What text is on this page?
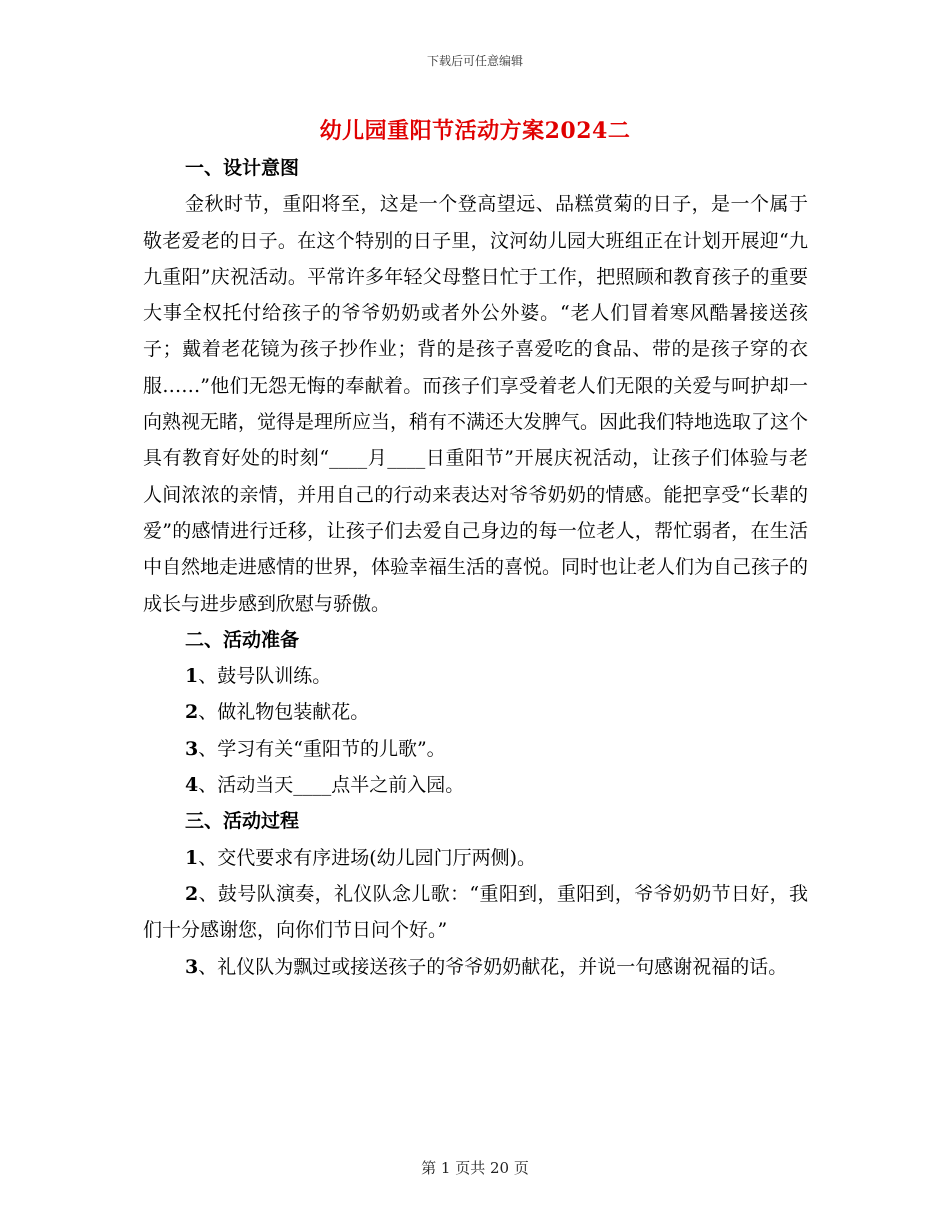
下载后可任意编辑
幼儿园重阳节活动方案2024二

一、设计意图

金秋时节，重阳将至，这是一个登高望远、品糕赏菊的日子，是一个属于敬老爱老的日子。在这个特别的日子里，汶河幼儿园大班组正在计划开展迎“九九重阳”庆祝活动。平常许多年轻父母整日忙于工作，把照顾和教育孩子的重要大事全权托付给孩子的爷爷奶奶或者外公外婆。“老人们冒着寒风酷暑接送孩子；戴着老花镜为孩子抄作业；背的是孩子喜爱吃的食品、带的是孩子穿的衣服……”他们无怨无悔的奉献着。而孩子们享受着老人们无限的关爱与呵护却一向熟视无睹，觉得是理所应当，稍有不满还大发脾气。因此我们特地选取了这个具有教育好处的时刻“____月____日重阳节”开展庆祝活动，让孩子们体验与老人间浓浓的亲情，并用自己的行动来表达对爷爷奶奶的情感。能把享受“长辈的爱”的感情进行迁移，让孩子们去爱自己身边的每一位老人，帮忙弱者，在生活中自然地走进感情的世界，体验幸福生活的喜悦。同时也让老人们为自己孩子的成长与进步感到欣慰与骄傲。

二、活动准备

1、鼓号队训练。

2、做礼物包装献花。

3、学习有关“重阳节的儿歌”。

4、活动当天____点半之前入园。

三、活动过程

1、交代要求有序进场(幼儿园门厅两侧)。

2、鼓号队演奏，礼仪队念儿歌：“重阳到，重阳到，爷爷奶奶节日好，我们十分感谢您，向你们节日问个好。”

3、礼仪队为飘过或接送孩子的爷爷奶奶献花，并说一句感谢祝福的话。

第 1 页共 20 页
